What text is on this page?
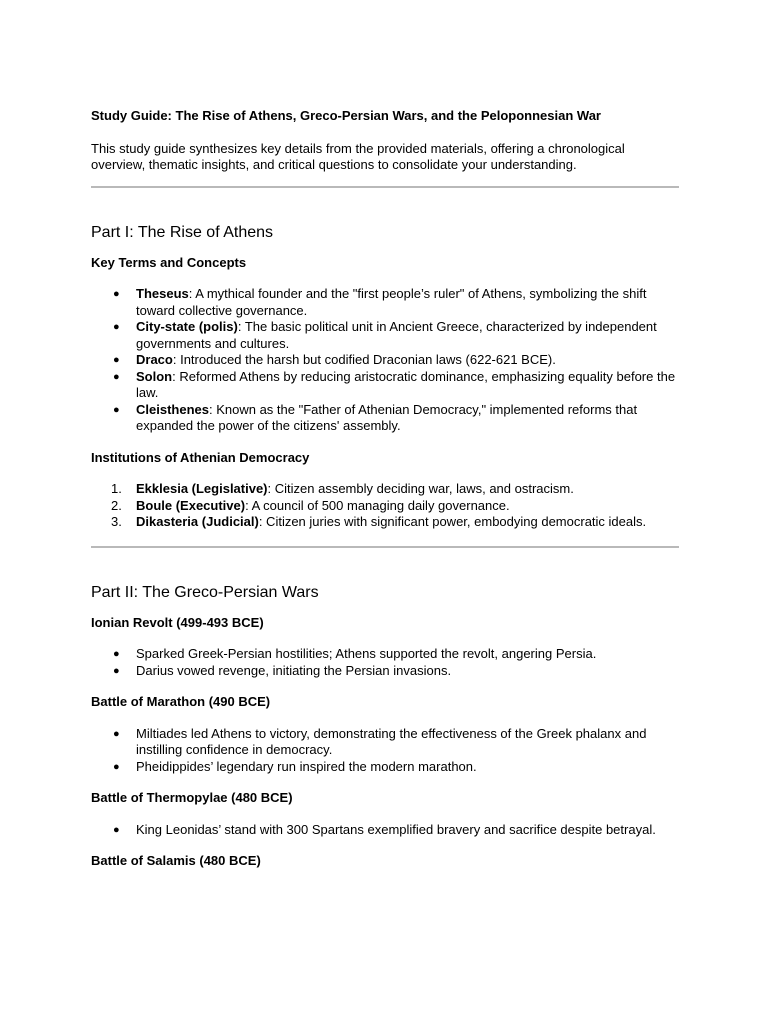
Study Guide: The Rise of Athens, Greco-Persian Wars, and the Peloponnesian War

This study guide synthesizes key details from the provided materials, offering a chronological overview, thematic insights, and critical questions to consolidate your understanding.

Part I: The Rise of Athens

Key Terms and Concepts

● Theseus: A mythical founder and the "first people’s ruler" of Athens, symbolizing the shift toward collective governance.
● City-state (polis): The basic political unit in Ancient Greece, characterized by independent governments and cultures.
● Draco: Introduced the harsh but codified Draconian laws (622-621 BCE).
● Solon: Reformed Athens by reducing aristocratic dominance, emphasizing equality before the law.
● Cleisthenes: Known as the "Father of Athenian Democracy," implemented reforms that expanded the power of the citizens' assembly.

Institutions of Athenian Democracy

1. Ekklesia (Legislative): Citizen assembly deciding war, laws, and ostracism.
2. Boule (Executive): A council of 500 managing daily governance.
3. Dikasteria (Judicial): Citizen juries with significant power, embodying democratic ideals.
Part II: The Greco-Persian Wars

Ionian Revolt (499-493 BCE)

● Sparked Greek-Persian hostilities; Athens supported the revolt, angering Persia.
● Darius vowed revenge, initiating the Persian invasions.

Battle of Marathon (490 BCE)

● Miltiades led Athens to victory, demonstrating the effectiveness of the Greek phalanx and instilling confidence in democracy.
● Pheidippides’ legendary run inspired the modern marathon.

Battle of Thermopylae (480 BCE)

● King Leonidas’ stand with 300 Spartans exemplified bravery and sacrifice despite betrayal.

Battle of Salamis (480 BCE)
